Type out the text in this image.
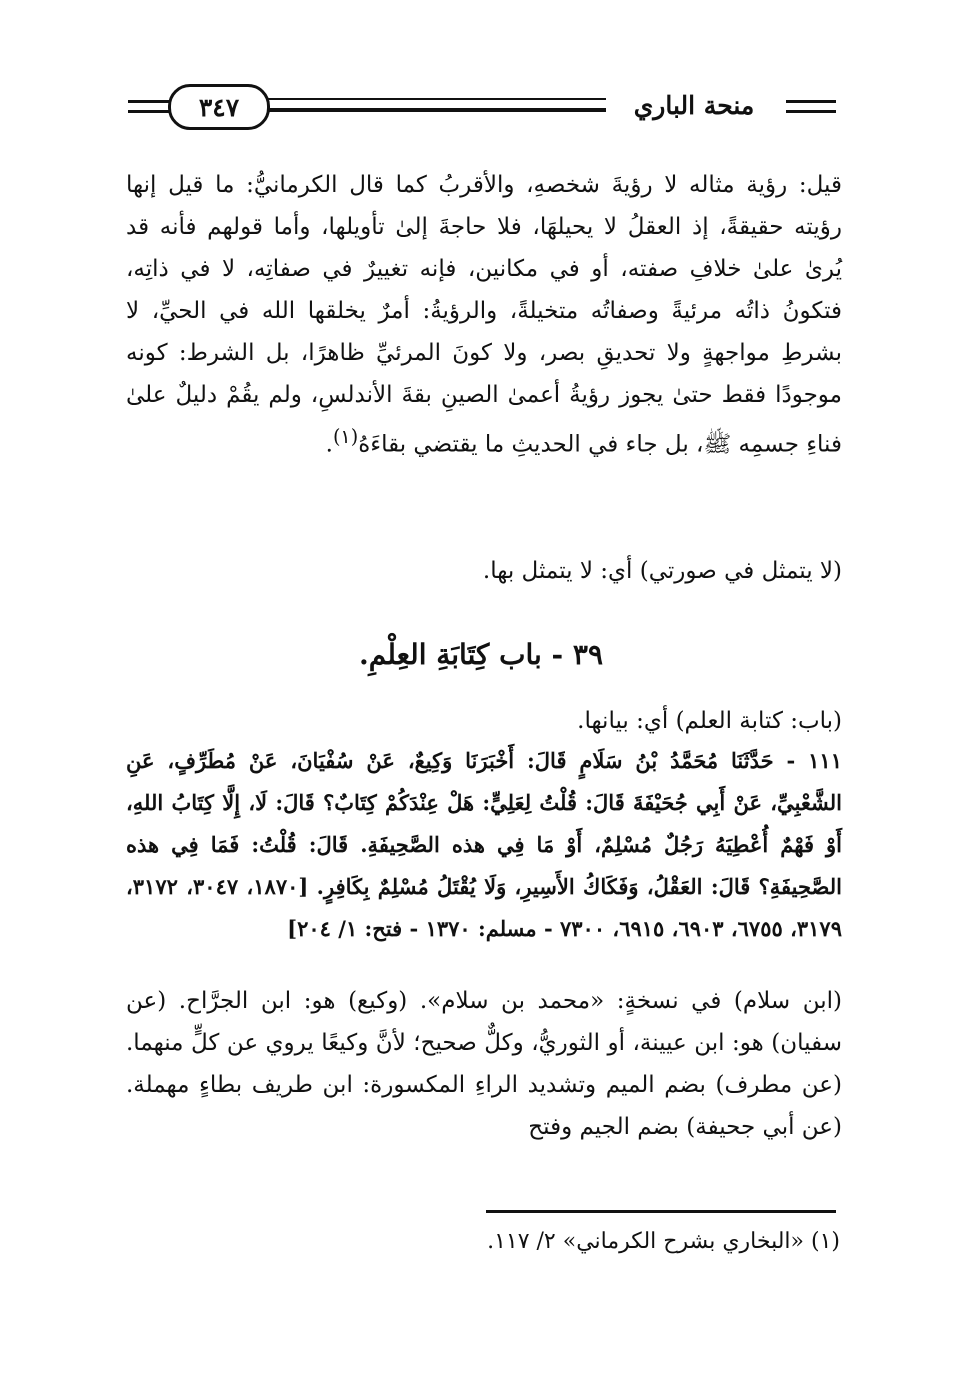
٣٤٧	منحة الباري

قيل: رؤية مثاله لا رؤيةَ شخصهِ، والأقربُ كما قال الكرمانيُّ: ما قيل إنها رؤيته حقيقةً، إذ العقلُ لا يحيلهَا، فلا حاجةَ إلىٰ تأويلها، وأما قولهم فأنه قد يُرىٰ علىٰ خلافِ صفته، أو في مكانين، فإنه تغييرٌ في صفاتِه، لا في ذاتِه، فتكونُ ذاتُه مرئيةً وصفاتُه متخيلةً، والرؤيةُ: أمرٌ يخلقها الله في الحيِّ، لا بشرطِ مواجهةٍ ولا تحديقِ بصر، ولا كونَ المرئيِّ ظاهرًا، بل الشرط: كونه موجودًا فقط حتىٰ يجوز رؤيةُ أعمىٰ الصينِ بقةَ الأندلسِ، ولم يقُمْ دليلٌ علىٰ فناءِ جسمِه ﷺ، بل جاء في الحديثِ ما يقتضي بقاءَهُ$^{(١)}$.

(لا يتمثل في صورتي) أي: لا يتمثل بها.

٣٩ - باب كِتَابَةِ العِلْمِ.

(باب: كتابة العلم) أي: بيانها.

١١١ - حَدَّثَنَا مُحَمَّدُ بْنُ سَلَامٍ قَالَ: أَخْبَرَنَا وَكِيعٌ، عَنْ سُفْيَانَ، عَنْ مُطَرِّفٍ، عَنِ الشَّعْبِيِّ، عَنْ أَبِي جُحَيْفَةَ قَالَ: قُلْتُ لِعَلِيٍّ: هَلْ عِنْدَكُمْ كِتَابٌ؟ قَالَ: لَا، إِلَّا كِتَابُ اللهِ، أَوْ فَهْمٌ أُعْطِيَهُ رَجُلٌ مُسْلِمٌ، أَوْ مَا فِي هذه الصَّحِيفَةِ. قَالَ: قُلْتُ: فَمَا فِي هذه الصَّحِيفَةِ؟ قَالَ: العَقْلُ، وَفَكَاكُ الأَسِيرِ، وَلَا يُقْتَلُ مُسْلِمٌ بِكَافِرٍ. [١٨٧٠، ٣٠٤٧، ٣١٧٢، ٣١٧٩، ٦٧٥٥، ٦٩٠٣، ٦٩١٥، ٧٣٠٠ - مسلم: ١٣٧٠ - فتح: ١/ ٢٠٤]

(ابن سلام) في نسخةٍ: «محمد بن سلام». (وكيع) هو: ابن الجرَّاح. (عن سفيان) هو: ابن عيينة، أو الثوريُّ، وكلٌّ صحيح؛ لأنَّ وكيعًا يروي عن كلٍّ منهما. (عن مطرف) بضم الميم وتشديد الراءِ المكسورة: ابن طريف بطاءٍ مهملة. (عن أبي جحيفة) بضم الجيم وفتح

(١) «البخاري بشرح الكرماني» ٢/ ١١٧.
